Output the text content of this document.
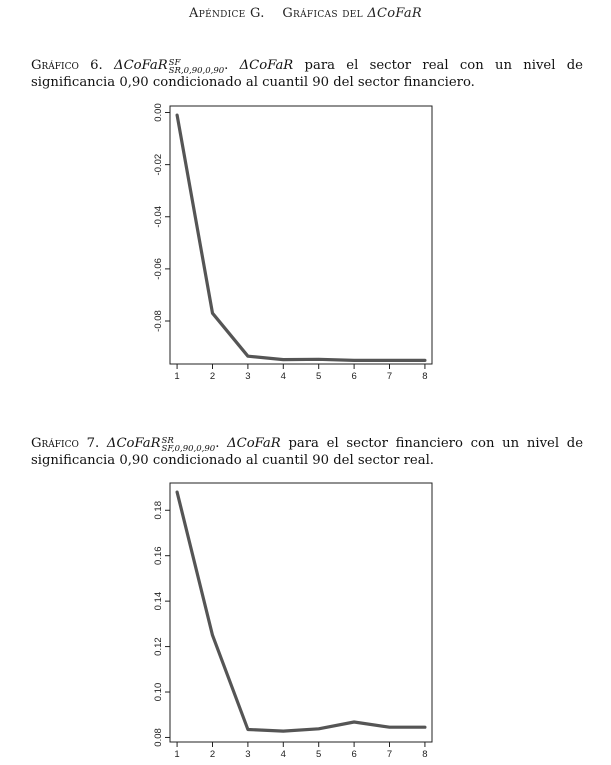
Apéndice G. Gráficas del ΔCoFaR
Gráfico 6. ΔCoFaR SF
SR,0,90,0,90 . ΔCoFaR para el sector real con un nivel de significancia 0,90 condicionado al cuantil 90 del sector financiero.
Gráfico 7. ΔCoFaR SR
SF,0,90,0,90 . ΔCoFaR para el sector financiero con un nivel de significancia 0,90 condicionado al cuantil 90 del sector real.
1	2	3	4	5	6	7	8
0.00
-0.02
-0.04
-0.06
-0.08
1	2	3	4	5	6	7	8
0.08
0.10
0.12
0.14
0.16
0.18
